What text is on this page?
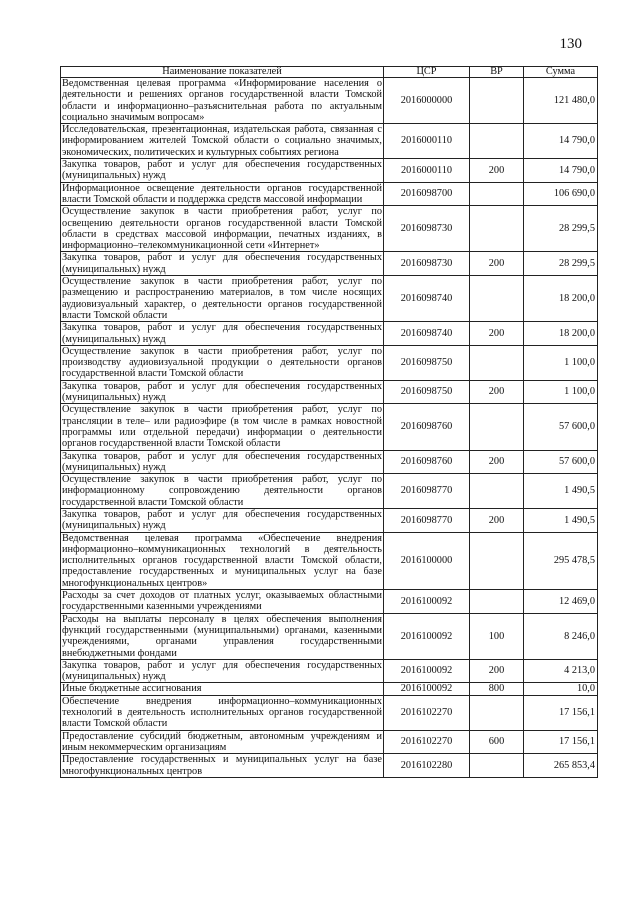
130
Наименование показателей	ЦСР	ВР	Сумма
Ведомственная целевая программа «Информирование населения о деятельности и решениях органов государственной власти Томской области и информационно–разъяснительная работа по актуальным социально значимым вопросам»	2016000000		121 480,0
Исследовательская, презентационная, издательская работа, связанная с информированием жителей Томской области о социально значимых, экономических, политических и культурных событиях региона	2016000110		14 790,0
Закупка товаров, работ и услуг для обеспечения государственных (муниципальных) нужд	2016000110	200	14 790,0
Информационное освещение деятельности органов государственной власти Томской области и поддержка средств массовой информации	2016098700		106 690,0
Осуществление закупок в части приобретения работ, услуг по освещению деятельности органов государственной власти Томской области в средствах массовой информации, печатных изданиях, в информационно–телекоммуникационной сети «Интернет»	2016098730		28 299,5
Закупка товаров, работ и услуг для обеспечения государственных (муниципальных) нужд	2016098730	200	28 299,5
Осуществление закупок в части приобретения работ, услуг по размещению и распространению материалов, в том числе носящих аудиовизуальный характер, о деятельности органов государственной власти Томской области	2016098740		18 200,0
Закупка товаров, работ и услуг для обеспечения государственных (муниципальных) нужд	2016098740	200	18 200,0
Осуществление закупок в части приобретения работ, услуг по производству аудиовизуальной продукции о деятельности органов государственной власти Томской области	2016098750		1 100,0
Закупка товаров, работ и услуг для обеспечения государственных (муниципальных) нужд	2016098750	200	1 100,0
Осуществление закупок в части приобретения работ, услуг по трансляции в теле– или радиоэфире (в том числе в рамках новостной программы или отдельной передачи) информации о деятельности органов государственной власти Томской области	2016098760		57 600,0
Закупка товаров, работ и услуг для обеспечения государственных (муниципальных) нужд	2016098760	200	57 600,0
Осуществление закупок в части приобретения работ, услуг по информационному сопровождению деятельности органов государственной власти Томской области	2016098770		1 490,5
Закупка товаров, работ и услуг для обеспечения государственных (муниципальных) нужд	2016098770	200	1 490,5
Ведомственная целевая программа «Обеспечение внедрения информационно–коммуникационных технологий в деятельность исполнительных органов государственной власти Томской области, предоставление государственных и муниципальных услуг на базе многофункциональных центров»	2016100000		295 478,5
Расходы за счет доходов от платных услуг, оказываемых областными государственными казенными учреждениями	2016100092		12 469,0
Расходы на выплаты персоналу в целях обеспечения выполнения функций государственными (муниципальными) органами, казенными учреждениями, органами управления государственными внебюджетными фондами	2016100092	100	8 246,0
Закупка товаров, работ и услуг для обеспечения государственных (муниципальных) нужд	2016100092	200	4 213,0
Иные бюджетные ассигнования	2016100092	800	10,0
Обеспечение внедрения информационно–коммуникационных технологий в деятельность исполнительных органов государственной власти Томской области	2016102270		17 156,1
Предоставление субсидий бюджетным, автономным учреждениям и иным некоммерческим организациям	2016102270	600	17 156,1
Предоставление государственных и муниципальных услуг на базе многофункциональных центров	2016102280		265 853,4
